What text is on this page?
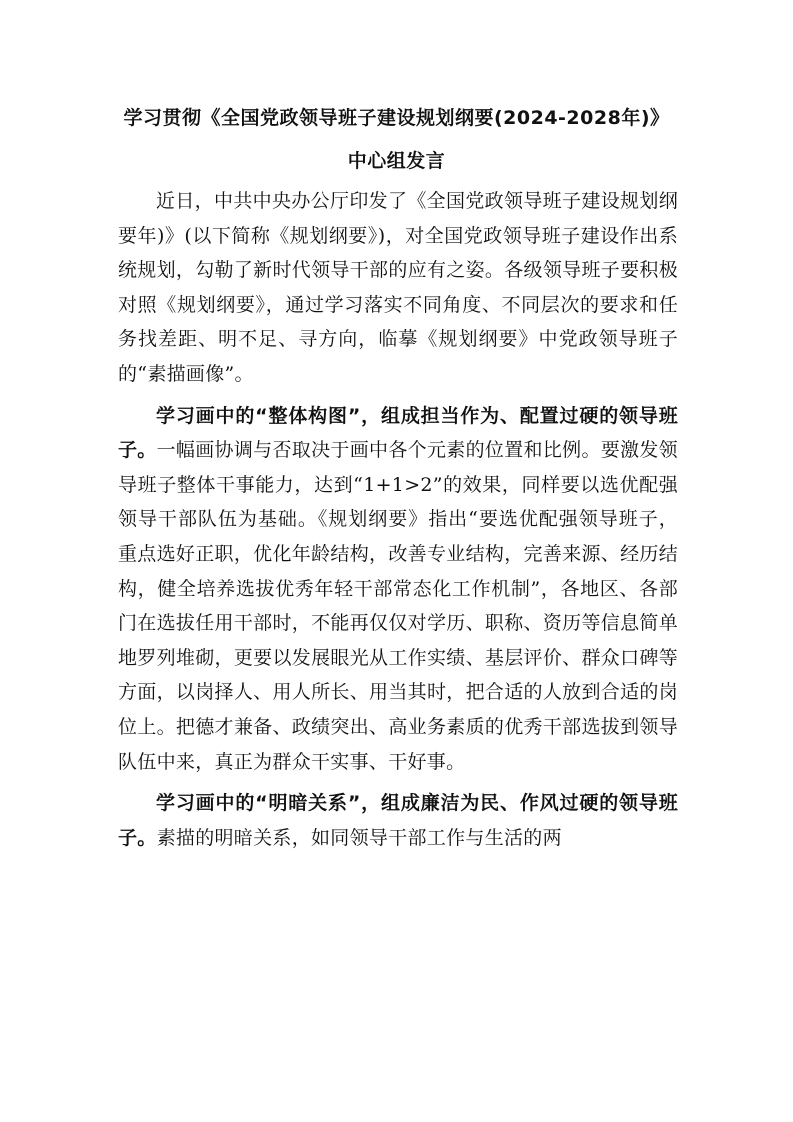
学习贯彻《全国党政领导班子建设规划纲要(2024-2028年)》
中心组发言

近日，中共中央办公厅印发了《全国党政领导班子建设规划纲要年)》(以下简称《规划纲要》)，对全国党政领导班子建设作出系统规划，勾勒了新时代领导干部的应有之姿。各级领导班子要积极对照《规划纲要》，通过学习落实不同角度、不同层次的要求和任务找差距、明不足、寻方向，临摹《规划纲要》中党政领导班子的“素描画像”。

学习画中的“整体构图”，组成担当作为、配置过硬的领导班子。一幅画协调与否取决于画中各个元素的位置和比例。要激发领导班子整体干事能力，达到“1+1>2”的效果，同样要以选优配强领导干部队伍为基础。《规划纲要》指出“要选优配强领导班子，重点选好正职，优化年龄结构，改善专业结构，完善来源、经历结构，健全培养选拔优秀年轻干部常态化工作机制”，各地区、各部门在选拔任用干部时，不能再仅仅对学历、职称、资历等信息简单地罗列堆砌，更要以发展眼光从工作实绩、基层评价、群众口碑等方面，以岗择人、用人所长、用当其时，把合适的人放到合适的岗位上。把德才兼备、政绩突出、高业务素质的优秀干部选拔到领导队伍中来，真正为群众干实事、干好事。

学习画中的“明暗关系”，组成廉洁为民、作风过硬的领导班子。素描的明暗关系，如同领导干部工作与生活的两
